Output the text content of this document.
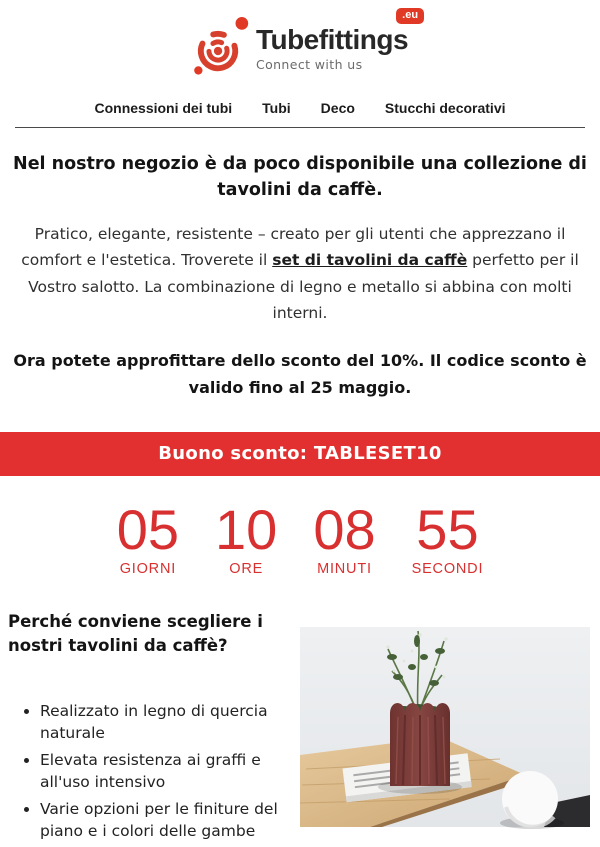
Tubefittings
.eu
Connect with us
Connessioni dei tubi Tubi Deco Stucchi decorativi
Nel nostro negozio è da poco disponibile una collezione di tavolini da caffè.

Pratico, elegante, resistente – creato per gli utenti che apprezzano il comfort e l'estetica. Troverete il set di tavolini da caffè perfetto per il Vostro salotto. La combinazione di legno e metallo si abbina con molti interni.

Ora potete approfittare dello sconto del 10%. Il codice sconto è valido fino al 25 maggio.

Buono sconto: TABLESET10
05
GIORNI
10
ORE
08
MINUTI
55
SECONDI
Perché conviene scegliere i nostri tavolini da caffè?
• Realizzato in legno di quercia naturale
• Elevata resistenza ai graffi e all'uso intensivo
• Varie opzioni per le finiture del piano e i colori delle gambe
